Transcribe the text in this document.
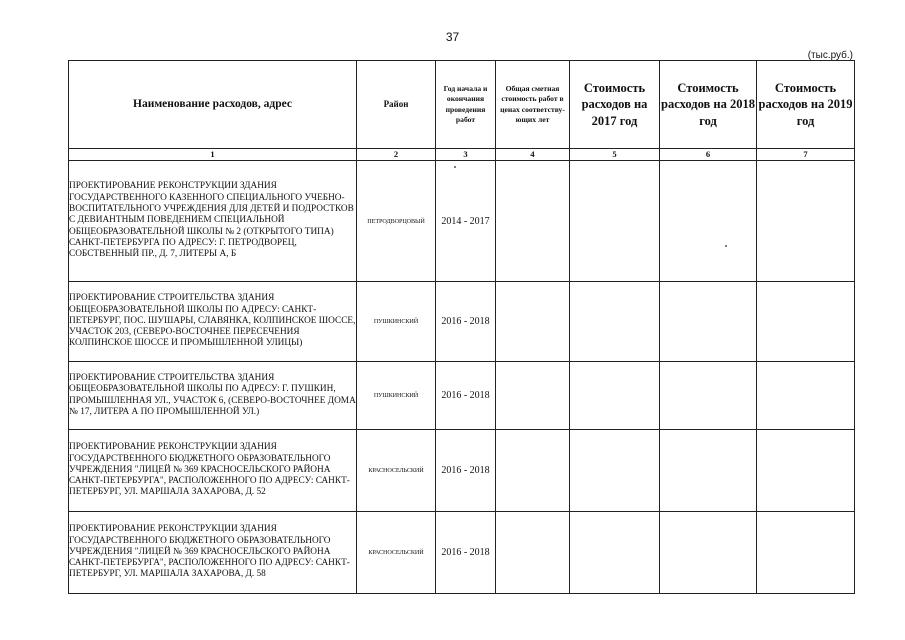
37
(тыс.руб.)
Наименование расходов, адрес	Район	Год начала и окончания проведения работ	Общая сметная стоимость работ в ценах соответству-ющих лет	Стоимость расходов на 2017 год	Стоимость расходов на 2018 год	Стоимость расходов на 2019 год
1	2	3	4	5	6	7
ПРОЕКТИРОВАНИЕ РЕКОНСТРУКЦИИ ЗДАНИЯ ГОСУДАРСТВЕННОГО КАЗЕННОГО СПЕЦИАЛЬНОГО УЧЕБНО-ВОСПИТАТЕЛЬНОГО УЧРЕЖДЕНИЯ ДЛЯ ДЕТЕЙ И ПОДРОСТКОВ С ДЕВИАНТНЫМ ПОВЕДЕНИЕМ СПЕЦИАЛЬНОЙ ОБЩЕОБРАЗОВАТЕЛЬНОЙ ШКОЛЫ № 2 (ОТКРЫТОГО ТИПА) САНКТ-ПЕТЕРБУРГА ПО АДРЕСУ: Г. ПЕТРОДВОРЕЦ, СОБСТВЕННЫЙ ПР., Д. 7, ЛИТЕРЫ А, Б	ПЕТРОДВОРЦОВЫЙ	2014 - 2017				
ПРОЕКТИРОВАНИЕ СТРОИТЕЛЬСТВА ЗДАНИЯ ОБЩЕОБРАЗОВАТЕЛЬНОЙ ШКОЛЫ ПО АДРЕСУ: САНКТ-ПЕТЕРБУРГ, ПОС. ШУШАРЫ, СЛАВЯНКА, КОЛПИНСКОЕ ШОССЕ, УЧАСТОК 203, (СЕВЕРО-ВОСТОЧНЕЕ ПЕРЕСЕЧЕНИЯ КОЛПИНСКОЕ ШОССЕ И ПРОМЫШЛЕННОЙ УЛИЦЫ)	ПУШКИНСКИЙ	2016 - 2018				
ПРОЕКТИРОВАНИЕ СТРОИТЕЛЬСТВА ЗДАНИЯ ОБЩЕОБРАЗОВАТЕЛЬНОЙ ШКОЛЫ ПО АДРЕСУ: Г. ПУШКИН, ПРОМЫШЛЕННАЯ УЛ., УЧАСТОК 6, (СЕВЕРО-ВОСТОЧНЕЕ ДОМА № 17, ЛИТЕРА А ПО ПРОМЫШЛЕННОЙ УЛ.)	ПУШКИНСКИЙ	2016 - 2018				
ПРОЕКТИРОВАНИЕ РЕКОНСТРУКЦИИ ЗДАНИЯ ГОСУДАРСТВЕННОГО БЮДЖЕТНОГО ОБРАЗОВАТЕЛЬНОГО УЧРЕЖДЕНИЯ "ЛИЦЕЙ № 369 КРАСНОСЕЛЬСКОГО РАЙОНА САНКТ-ПЕТЕРБУРГА", РАСПОЛОЖЕННОГО ПО АДРЕСУ: САНКТ-ПЕТЕРБУРГ, УЛ. МАРШАЛА ЗАХАРОВА, Д. 52	КРАСНОСЕЛЬСКИЙ	2016 - 2018				
ПРОЕКТИРОВАНИЕ РЕКОНСТРУКЦИИ ЗДАНИЯ ГОСУДАРСТВЕННОГО БЮДЖЕТНОГО ОБРАЗОВАТЕЛЬНОГО УЧРЕЖДЕНИЯ "ЛИЦЕЙ № 369 КРАСНОСЕЛЬСКОГО РАЙОНА САНКТ-ПЕТЕРБУРГА", РАСПОЛОЖЕННОГО ПО АДРЕСУ: САНКТ-ПЕТЕРБУРГ, УЛ. МАРШАЛА ЗАХАРОВА, Д. 58	КРАСНОСЕЛЬСКИЙ	2016 - 2018				
